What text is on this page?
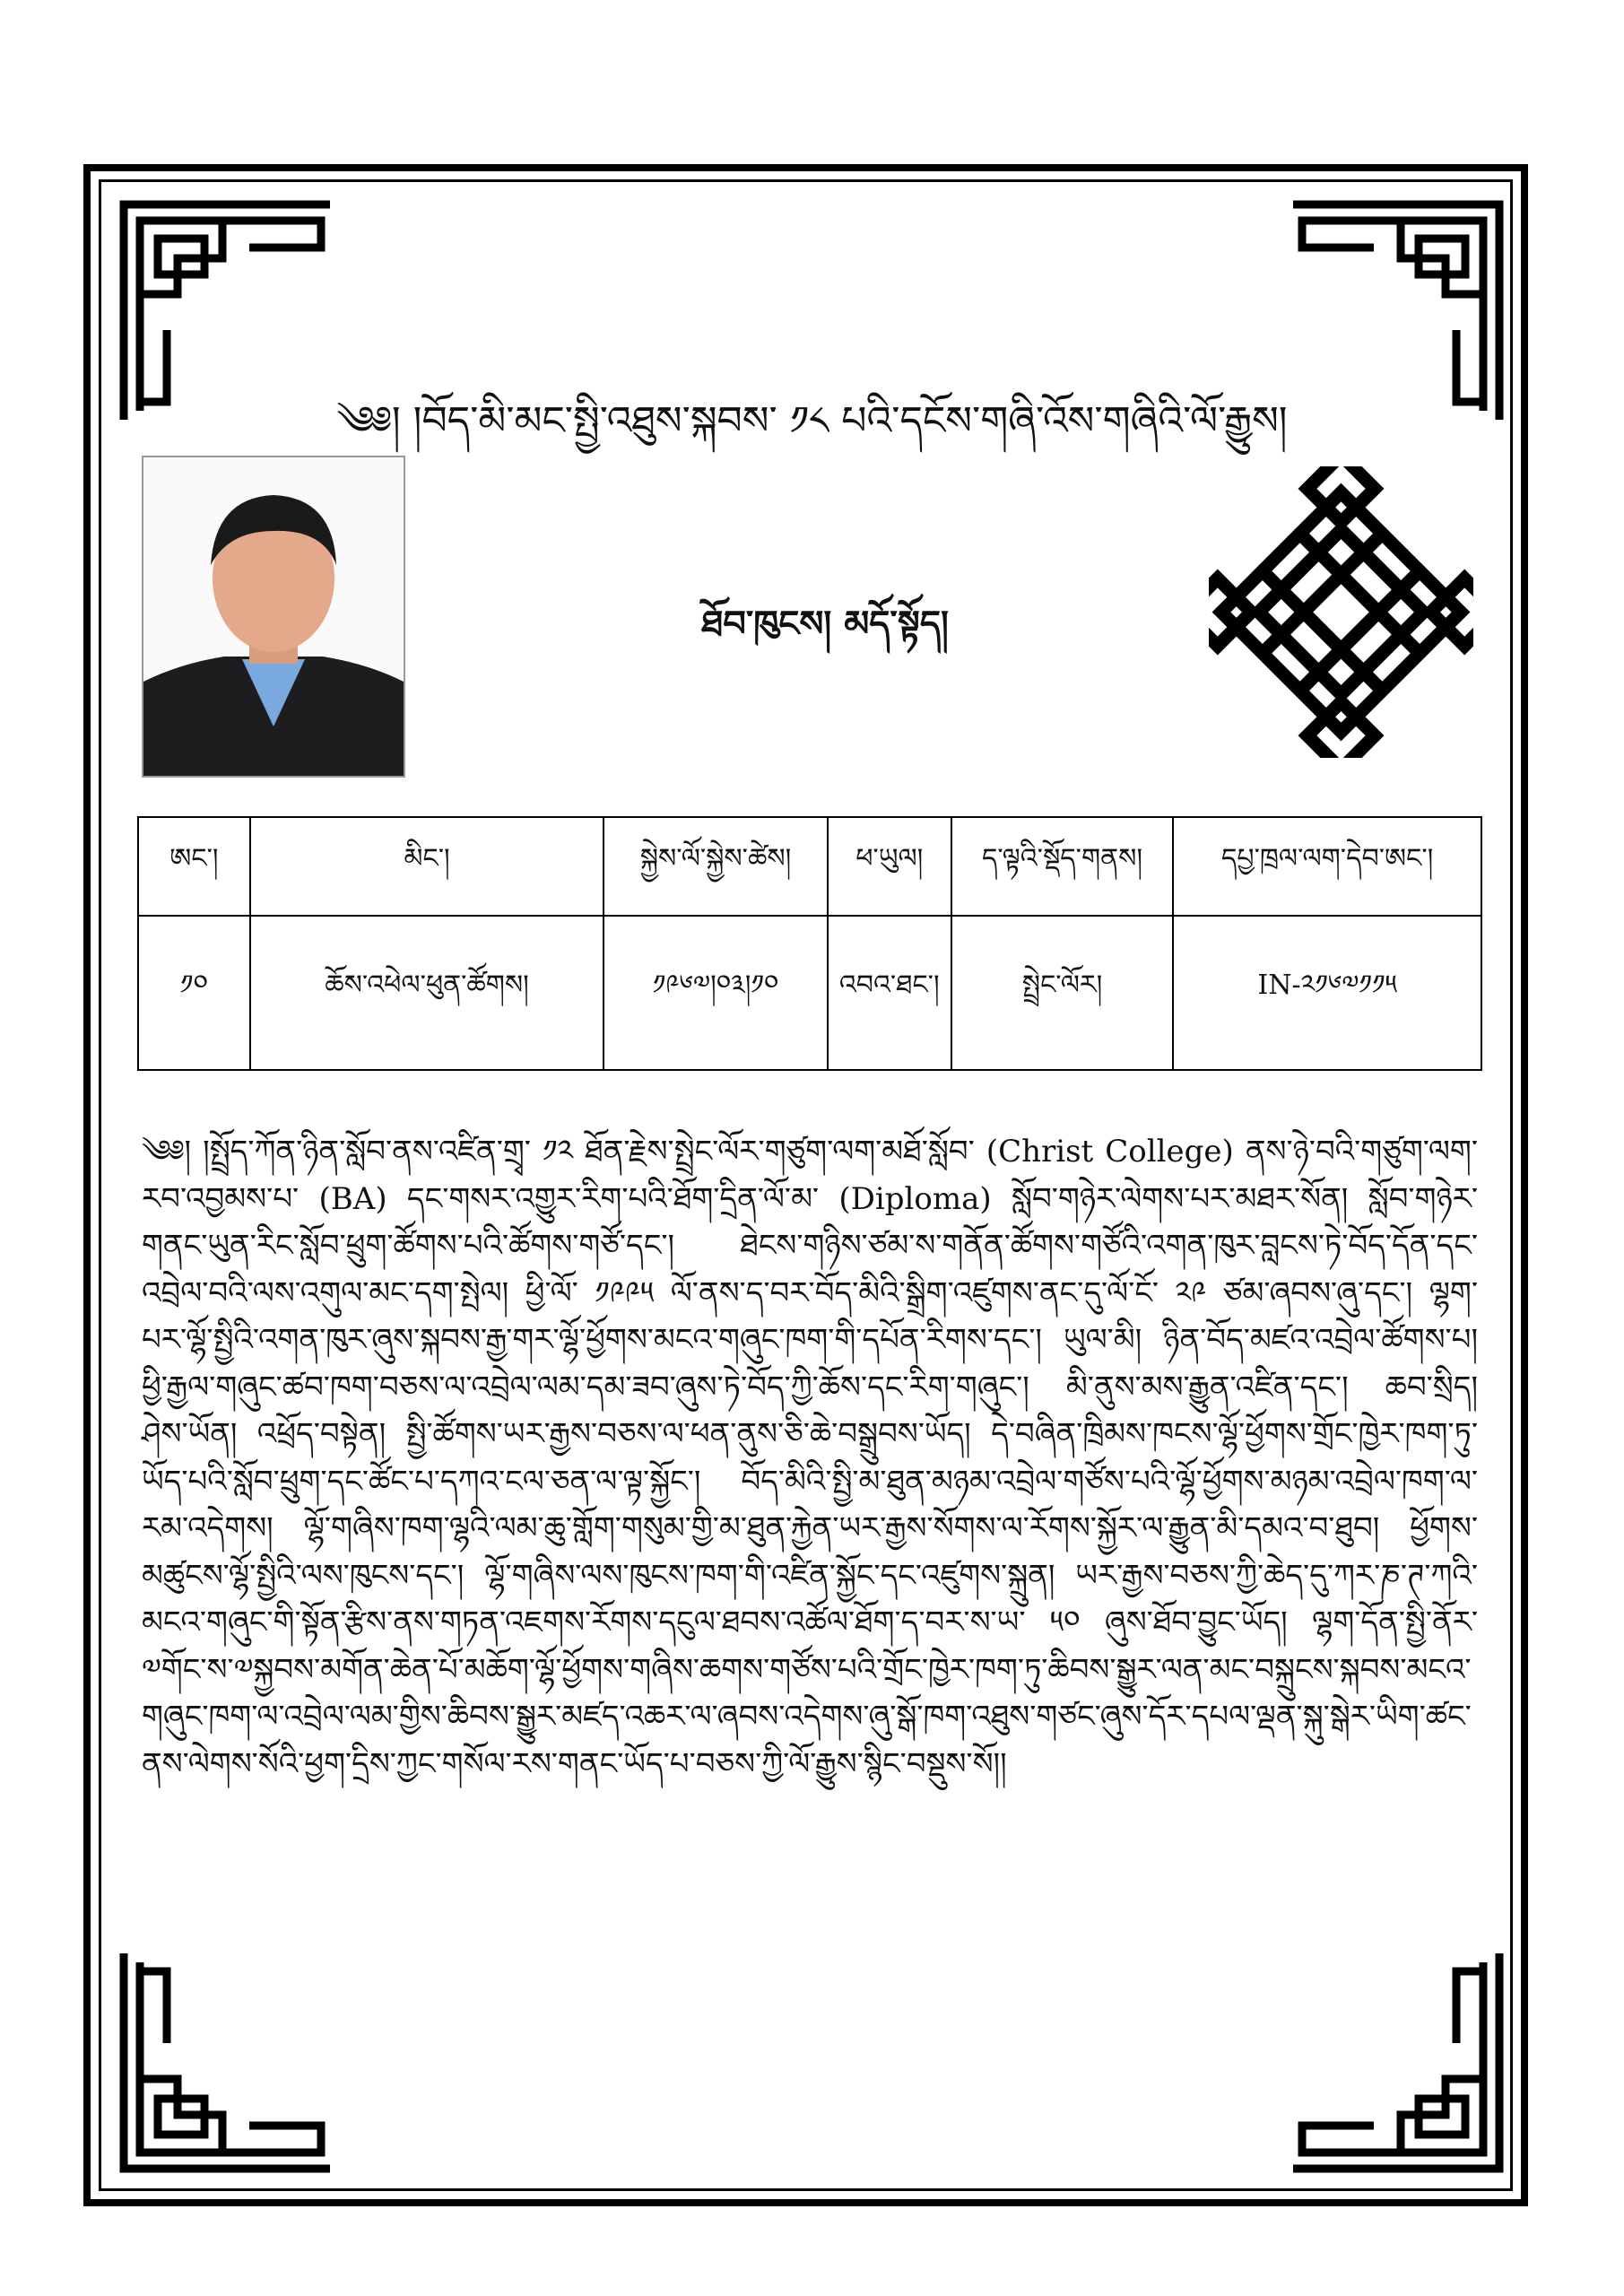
༄༅། །བོད་མི་མང་སྤྱི་འཐུས་སྐབས་ ༡༨ པའི་དངོས་གཞི་འོས་གཞིའི་ལོ་རྒྱུས།
ཐོབ་ཁུངས། མདོ་སྟོད།
ཨང་།	མིང་།	སྐྱེས་ལོ་སྐྱེས་ཚེས།	ཕ་ཡུལ།	ད་ལྟའི་སྡོད་གནས།	དཔྱ་ཁྲལ་ལག་དེབ་ཨང་།
༡༠	ཆོས་འཕེལ་ཕུན་ཚོགས།	༡༩༦༧།༠༣།༡༠	འབའ་ཐང་།	སྤྲེང་ལོར།	IN-༢༡༦༧༡༡༥
༄༅། །སྤྲོད་ཀོན་ཉིན་སློབ་ནས་འཛིན་གྲྭ་ ༡༢ ཐོན་རྗེས་སྤྲེང་ལོར་གཙུག་ལག་མཐོ་སློབ་ (Christ College) ནས་ཉེ་བའི་གཙུག་ལག་རབ་འབྱམས་པ་ (BA) དང་གསར་འགྱུར་རིག་པའི་ཐོག་དྲིན་ལོ་མ་ (Diploma) སློབ་གཉེར་ལེགས་པར་མཐར་སོན། སློབ་གཉེར་གནང་ཡུན་རིང་སློབ་ཕྲུག་ཚོགས་པའི་ཚོགས་གཙོ་དང་། ཐེངས་གཉིས་ཙམ་ས་གནོན་ཚོགས་གཙོའི་འགན་ཁུར་བླངས་ཏེ་བོད་དོན་དང་འབྲེལ་བའི་ལས་འགུལ་མང་དག་སྤེལ། ཕྱི་ལོ་ ༡༩༩༥ ལོ་ནས་ད་བར་བོད་མིའི་སྒྲིག་འཛུགས་ནང་དུ་ལོ་ངོ་ ༢༩ ཙམ་ཞབས་ཞུ་དང་། ལྷག་པར་ལྷོ་སྤྱིའི་འགན་ཁུར་ཞུས་སྐབས་རྒྱ་གར་ལྷོ་ཕྱོགས་མངའ་གཞུང་ཁག་གི་དཔོན་རིགས་དང་། ཡུལ་མི། ཉིན་བོད་མཛའ་འབྲེལ་ཚོགས་པ། ཕྱི་རྒྱལ་གཞུང་ཚབ་ཁག་བཅས་ལ་འབྲེལ་ལམ་དམ་ཟབ་ཞུས་ཏེ་བོད་ཀྱི་ཆོས་དང་རིག་གཞུང་། མི་ནུས་མས་རྒྱུན་འཛིན་དང་། ཆབ་སྲིད། ཤེས་ཡོན། འཕྲོད་བསྟེན། སྤྱི་ཚོགས་ཡར་རྒྱས་བཅས་ལ་ཕན་ནུས་ཅི་ཆེ་བསྒྲུབས་ཡོད། དེ་བཞིན་ཁྲིམས་ཁངས་ལྷོ་ཕྱོགས་གྲོང་ཁྱེར་ཁག་ཏུ་ཡོད་པའི་སློབ་ཕྲུག་དང་ཚོང་པ་དཀའ་ངལ་ཅན་ལ་ལྟ་སྐྱོང་། བོད་མིའི་སྤྱི་མ་ཐུན་མཉམ་འབྲེལ་གཙོས་པའི་ལྷོ་ཕྱོགས་མཉམ་འབྲེལ་ཁག་ལ་རམ་འདེགས། ལྷོ་གཞིས་ཁག་ལྷའི་ལམ་ཆུ་གློག་གསུམ་གྱི་མ་ཐུན་རྐྱེན་ཡར་རྒྱས་སོགས་ལ་རོགས་སྐྱོར་ལ་རྒྱུན་མི་དམའ་བ་ཐུབ། ཕྱོགས་མཚུངས་ལྷོ་སྤྱིའི་ལས་ཁུངས་དང་། ལྷོ་གཞིས་ལས་ཁུངས་ཁག་གི་འཛིན་སྐྱོང་དང་འཛུགས་སྐྲུན། ཡར་རྒྱས་བཅས་ཀྱི་ཆེད་དུ་ཀར་ཎ་ཊ་ཀའི་མངའ་གཞུང་གི་སྟོན་རྩིས་ནས་གཏན་འཇགས་རོགས་དངུལ་ཐབས་འཚོལ་ཐོག་ད་བར་ས་ཡ་ ༥༠ ཞུས་ཐོབ་བྱུང་ཡོད། ལྷག་དོན་སྤྱི་ནོར་༧གོང་ས་༧སྐྱབས་མགོན་ཆེན་པོ་མཆོག་ལྷོ་ཕྱོགས་གཞིས་ཆགས་གཙོས་པའི་གྲོང་ཁྱེར་ཁག་ཏུ་ཆིབས་སྒྱུར་ལན་མང་བསྐྲུངས་སྐབས་མངའ་གཞུང་ཁག་ལ་འབྲེལ་ལམ་གྱིས་ཆིབས་སྒྱུར་མཛད་འཆར་ལ་ཞབས་འདེགས་ཞུ་སྒོ་ཁག་འཐུས་གཙང་ཞུས་དོར་དཔལ་ལྡན་སྐུ་སྒེར་ཡིག་ཚང་ནས་ལེགས་སོའི་ཕྱག་དྲིས་ཀྱང་གསོལ་རས་གནང་ཡོད་པ་བཅས་ཀྱི་ལོ་རྒྱུས་སྙིང་བསྡུས་སོ།།
